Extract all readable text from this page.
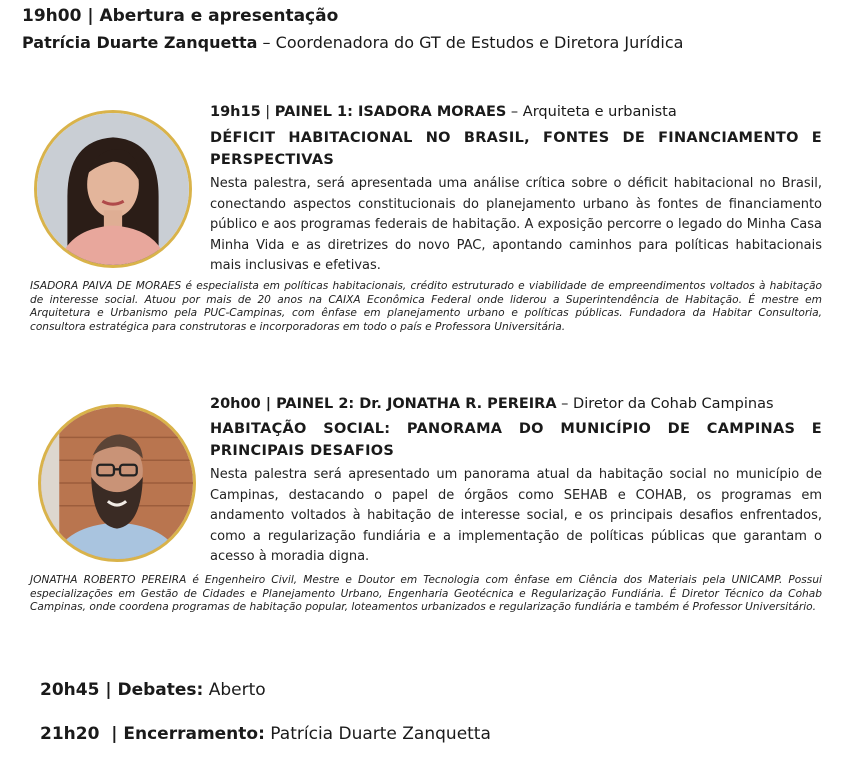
19h00 | Abertura e apresentação
Patrícia Duarte Zanquetta – Coordenadora do GT de Estudos e Diretora Jurídica
19h15 | PAINEL 1: ISADORA MORAES – Arquiteta e urbanista
DÉFICIT HABITACIONAL NO BRASIL, FONTES DE FINANCIAMENTO E PERSPECTIVAS
Nesta palestra, será apresentada uma análise crítica sobre o déficit habitacional no Brasil, conectando aspectos constitucionais do planejamento urbano às fontes de financiamento público e aos programas federais de habitação. A exposição percorre o legado do Minha Casa Minha Vida e as diretrizes do novo PAC, apontando caminhos para políticas habitacionais mais inclusivas e efetivas.
ISADORA PAIVA DE MORAES é especialista em políticas habitacionais, crédito estruturado e viabilidade de empreendimentos voltados à habitação de interesse social. Atuou por mais de 20 anos na CAIXA Econômica Federal onde liderou a Superintendência de Habitação. É mestre em Arquitetura e Urbanismo pela PUC-Campinas, com ênfase em planejamento urbano e políticas públicas. Fundadora da Habitar Consultoria, consultora estratégica para construtoras e incorporadoras em todo o país e Professora Universitária.
20h00 | PAINEL 2: Dr. JONATHA R. PEREIRA – Diretor da Cohab Campinas
HABITAÇÃO SOCIAL: PANORAMA DO MUNICÍPIO DE CAMPINAS E PRINCIPAIS DESAFIOS
Nesta palestra será apresentado um panorama atual da habitação social no município de Campinas, destacando o papel de órgãos como SEHAB e COHAB, os programas em andamento voltados à habitação de interesse social, e os principais desafios enfrentados, como a regularização fundiária e a implementação de políticas públicas que garantam o acesso à moradia digna.
JONATHA ROBERTO PEREIRA é Engenheiro Civil, Mestre e Doutor em Tecnologia com ênfase em Ciência dos Materiais pela UNICAMP. Possui especializações em Gestão de Cidades e Planejamento Urbano, Engenharia Geotécnica e Regularização Fundiária. É Diretor Técnico da Cohab Campinas, onde coordena programas de habitação popular, loteamentos urbanizados e regularização fundiária e também é Professor Universitário.
20h45 | Debates: Aberto
21h20  | Encerramento: Patrícia Duarte Zanquetta
